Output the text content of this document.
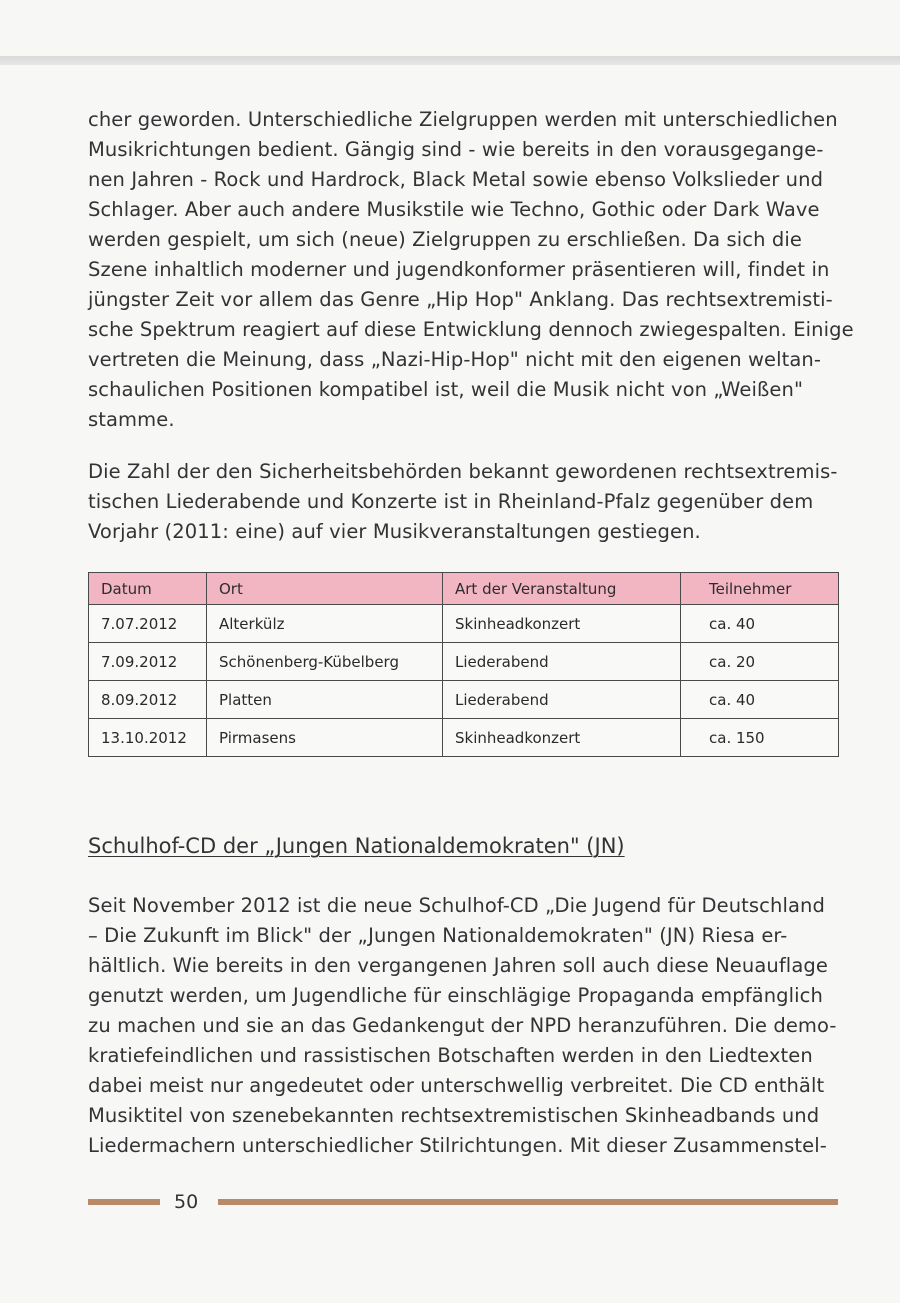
cher geworden. Unterschiedliche Zielgruppen werden mit unterschiedlichen
Musikrichtungen bedient. Gängig sind - wie bereits in den vorausgegange-
nen Jahren - Rock und Hardrock, Black Metal sowie ebenso Volkslieder und
Schlager. Aber auch andere Musikstile wie Techno, Gothic oder Dark Wave
werden gespielt, um sich (neue) Zielgruppen zu erschließen. Da sich die
Szene inhaltlich moderner und jugendkonformer präsentieren will, findet in
jüngster Zeit vor allem das Genre „Hip Hop" Anklang. Das rechtsextremisti-
sche Spektrum reagiert auf diese Entwicklung dennoch zwiegespalten. Einige
vertreten die Meinung, dass „Nazi-Hip-Hop" nicht mit den eigenen weltan-
schaulichen Positionen kompatibel ist, weil die Musik nicht von „Weißen"
stamme.

Die Zahl der den Sicherheitsbehörden bekannt gewordenen rechtsextremis-
tischen Liederabende und Konzerte ist in Rheinland-Pfalz gegenüber dem
Vorjahr (2011: eine) auf vier Musikveranstaltungen gestiegen.

Datum	Ort	Art der Veranstaltung	Teilnehmer
7.07.2012	Alterkülz	Skinheadkonzert	ca. 40
7.09.2012	Schönenberg-Kübelberg	Liederabend	ca. 20
8.09.2012	Platten	Liederabend	ca. 40
13.10.2012	Pirmasens	Skinheadkonzert	ca. 150
Schulhof-CD der „Jungen Nationaldemokraten" (JN)

Seit November 2012 ist die neue Schulhof-CD „Die Jugend für Deutschland
– Die Zukunft im Blick" der „Jungen Nationaldemokraten" (JN) Riesa er-
hältlich. Wie bereits in den vergangenen Jahren soll auch diese Neuauflage
genutzt werden, um Jugendliche für einschlägige Propaganda empfänglich
zu machen und sie an das Gedankengut der NPD heranzuführen. Die demo-
kratiefeindlichen und rassistischen Botschaften werden in den Liedtexten
dabei meist nur angedeutet oder unterschwellig verbreitet. Die CD enthält
Musiktitel von szenebekannten rechtsextremistischen Skinheadbands und
Liedermachern unterschiedlicher Stilrichtungen. Mit dieser Zusammenstel-

50
